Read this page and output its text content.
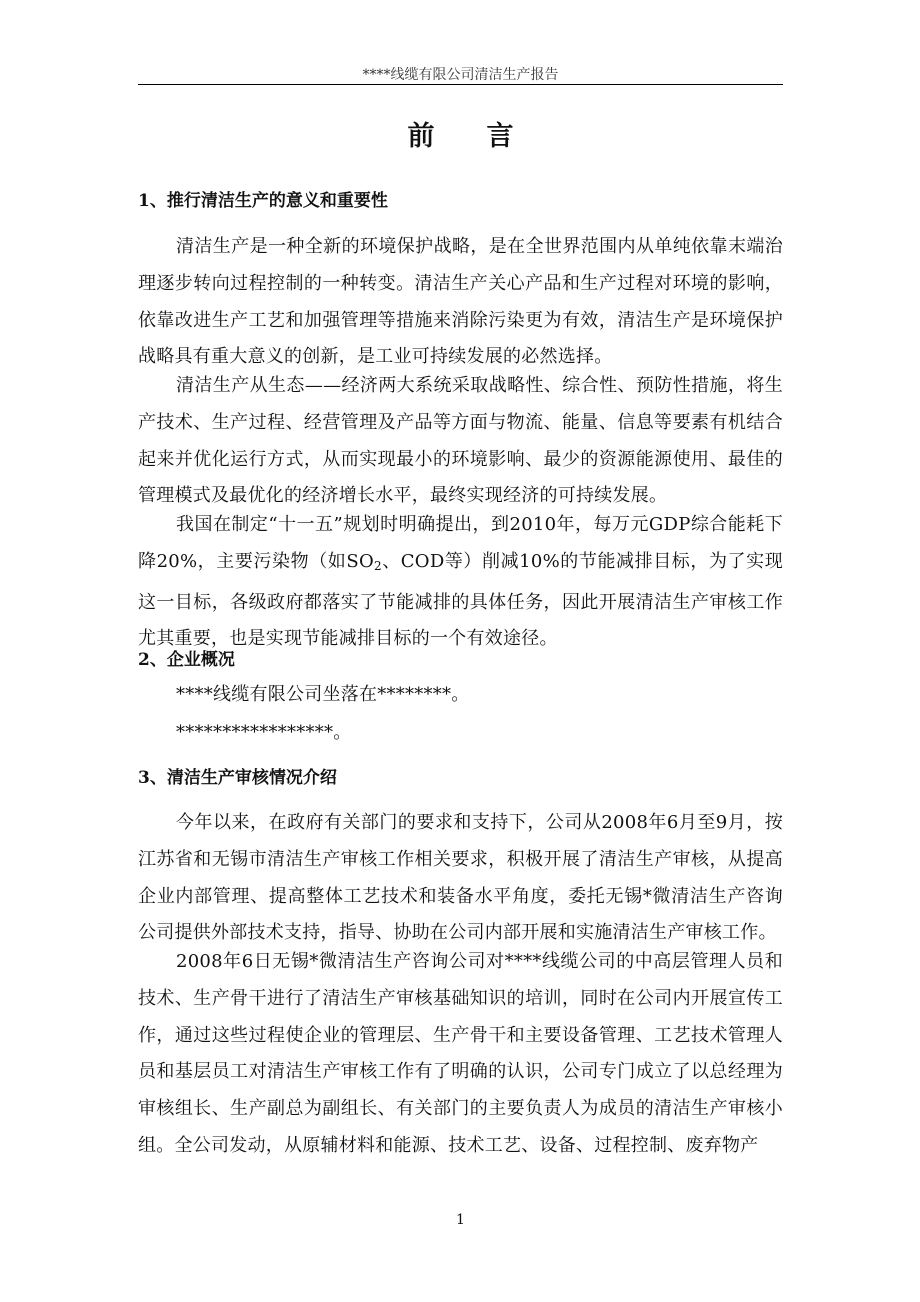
****线缆有限公司清洁生产报告
前言
1、推行清洁生产的意义和重要性

清洁生产是一种全新的环境保护战略，是在全世界范围内从单纯依靠末端治理逐步转向过程控制的一种转变。清洁生产关心产品和生产过程对环境的影响，依靠改进生产工艺和加强管理等措施来消除污染更为有效，清洁生产是环境保护战略具有重大意义的创新，是工业可持续发展的必然选择。

清洁生产从生态——经济两大系统采取战略性、综合性、预防性措施，将生产技术、生产过程、经营管理及产品等方面与物流、能量、信息等要素有机结合起来并优化运行方式，从而实现最小的环境影响、最少的资源能源使用、最佳的管理模式及最优化的经济增长水平，最终实现经济的可持续发展。

我国在制定“十一五”规划时明确提出，到2010年，每万元GDP综合能耗下降20%，主要污染物（如$SO_2$、COD等）削减10%的节能减排目标，为了实现这一目标，各级政府都落实了节能减排的具体任务，因此开展清洁生产审核工作尤其重要，也是实现节能减排目标的一个有效途径。

2、企业概况

****线缆有限公司坐落在********。

*****************。

3、清洁生产审核情况介绍

今年以来，在政府有关部门的要求和支持下，公司从2008年6月至9月，按江苏省和无锡市清洁生产审核工作相关要求，积极开展了清洁生产审核，从提高企业内部管理、提高整体工艺技术和装备水平角度，委托无锡*微清洁生产咨询公司提供外部技术支持，指导、协助在公司内部开展和实施清洁生产审核工作。

2008年6日无锡*微清洁生产咨询公司对****线缆公司的中高层管理人员和技术、生产骨干进行了清洁生产审核基础知识的培训，同时在公司内开展宣传工作，通过这些过程使企业的管理层、生产骨干和主要设备管理、工艺技术管理人员和基层员工对清洁生产审核工作有了明确的认识，公司专门成立了以总经理为审核组长、生产副总为副组长、有关部门的主要负责人为成员的清洁生产审核小组。全公司发动，从原辅材料和能源、技术工艺、设备、过程控制、废弃物产

1
